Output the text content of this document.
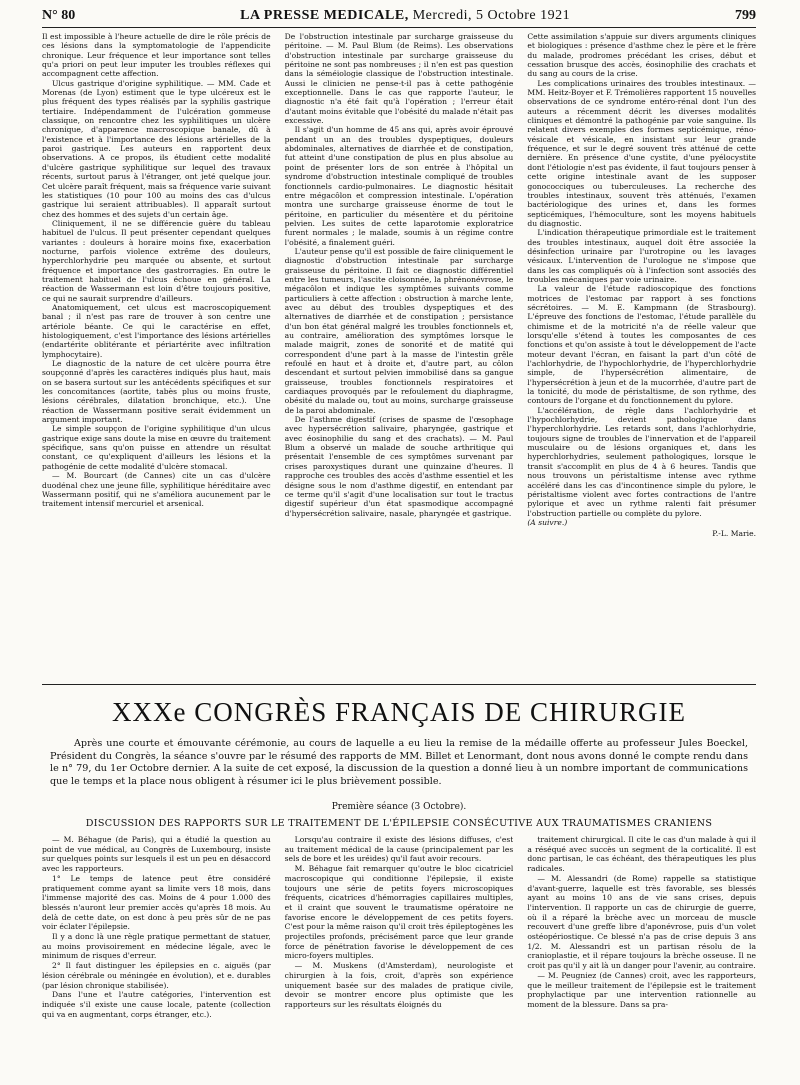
N° 80	LA PRESSE MEDICALE, Mercredi, 5 Octobre 1921	799

Il est impossible à l'heure actuelle de dire le rôle précis de ces lésions dans la symptomatologie de l'appendicite chronique. Leur fréquence et leur importance sont telles qu'a priori on peut leur imputer les troubles réflexes qui accompagnent cette affection.

Ulcus gastrique d'origine syphilitique. — MM. Cade et Morenas (de Lyon) estiment que le type ulcéreux est le plus fréquent des types réalisés par la syphilis gastrique tertiaire. Indépendamment de l'ulcération gommeuse classique, on rencontre chez les syphilitiques un ulcère chronique, d'apparence macroscopique banale, dû à l'existence et à l'importance des lésions artérielles de la paroi gastrique. Les auteurs en rapportent deux observations. A ce propos, ils étudient cette modalité d'ulcère gastrique syphilitique sur lequel des travaux récents, surtout parus à l'étranger, ont jeté quelque jour. Cet ulcère paraît fréquent, mais sa fréquence varie suivant les statistiques (10 pour 100 au moins des cas d'ulcus gastrique lui seraient attribuables). Il apparaît surtout chez des hommes et des sujets d'un certain âge.

Cliniquement, il ne se différencie guère du tableau habituel de l'ulcus. Il peut présenter cependant quelques variantes : douleurs à horaire moins fixe, exacerbation nocturne, parfois violence extrême des douleurs, hyperchlorhydrie peu marquée ou absente, et surtout fréquence et importance des gastrorragies. En outre le traitement habituel de l'ulcus échoue en général. La réaction de Wassermann est loin d'être toujours positive, ce qui ne saurait surprendre d'ailleurs.

Anatomiquement, cet ulcus est macroscopiquement banal ; il n'est pas rare de trouver à son centre une artériole béante. Ce qui le caractérise en effet, histologiquement, c'est l'importance des lésions artérielles (endartérite oblitérante et périartérite avec infiltration lymphocytaire).

Le diagnostic de la nature de cet ulcère pourra être soupçonné d'après les caractères indiqués plus haut, mais on se basera surtout sur les antécédents spécifiques et sur les concomitances (aortite, tabès plus ou moins fruste, lésions cérébrales, dilatation bronchique, etc.). Une réaction de Wassermann positive serait évidemment un argument important.

Le simple soupçon de l'origine syphilitique d'un ulcus gastrique exige sans doute la mise en œuvre du traitement spécifique, sans qu'on puisse en attendre un résultat constant, ce qu'expliquent d'ailleurs les lésions et la pathogénie de cette modalité d'ulcère stomacal.

— M. Bourcart (de Cannes) cite un cas d'ulcère duodénal chez une jeune fille, syphilitique héréditaire avec Wassermann positif, qui ne s'améliora aucunement par le traitement intensif mercuriel et arsenical.

De l'obstruction intestinale par surcharge graisseuse du péritoine. — M. Paul Blum (de Reims). Les observations d'obstruction intestinale par surcharge graisseuse du péritoine ne sont pas nombreuses ; il n'en est pas question dans la séméiologie classique de l'obstruction intestinale. Aussi le clinicien ne pense-t-il pas à cette pathogénie exceptionnelle. Dans le cas que rapporte l'auteur, le diagnostic n'a été fait qu'à l'opération ; l'erreur était d'autant moins évitable que l'obésité du malade n'était pas excessive.

Il s'agit d'un homme de 45 ans qui, après avoir éprouvé pendant un an des troubles dyspeptiques, douleurs abdominales, alternatives de diarrhée et de constipation, fut atteint d'une constipation de plus en plus absolue au point de présenter lors de son entrée à l'hôpital un syndrome d'obstruction intestinale compliqué de troubles fonctionnels cardio-pulmonaires. Le diagnostic hésitait entre mégacôlon et compression intestinale. L'opération montra une surcharge graisseuse énorme de tout le péritoine, en particulier du mésentère et du péritoine pelvien. Les suites de cette laparotomie exploratrice furent normales ; le malade, soumis à un régime contre l'obésité, a finalement guéri.

L'auteur pense qu'il est possible de faire cliniquement le diagnostic d'obstruction intestinale par surcharge graisseuse du péritoine. Il fait ce diagnostic différentiel entre les tumeurs, l'ascite cloisonnée, la phrénonévrose, le mégacôlon et indique les symptômes suivants comme particuliers à cette affection : obstruction à marche lente, avec au début des troubles dyspeptiques et des alternatives de diarrhée et de constipation ; persistance d'un bon état général malgré les troubles fonctionnels et, au contraire, amélioration des symptômes lorsque le malade maigrit, zones de sonorité et de matité qui correspondent d'une part à la masse de l'intestin grêle refoulé en haut et à droite et, d'autre part, au côlon descendant et surtout pelvien immobilisé dans sa gangue graisseuse, troubles fonctionnels respiratoires et cardiaques provoqués par le refoulement du diaphragme, obésité du malade ou, tout au moins, surcharge graisseuse de la paroi abdominale.

De l'asthme digestif (crises de spasme de l'œsophage avec hypersécrétion salivaire, pharyngée, gastrique et avec éosinophilie du sang et des crachats). — M. Paul Blum a observé un malade de souche arthritique qui présentait l'ensemble de ces symptômes survenant par crises paroxystiques durant une quinzaine d'heures. Il rapproche ces troubles des accès d'asthme essentiel et les désigne sous le nom d'asthme digestif, en entendant par ce terme qu'il s'agit d'une localisation sur tout le tractus digestif supérieur d'un état spasmodique accompagné d'hypersécrétion salivaire, nasale, pharyngée et gastrique.

Cette assimilation s'appuie sur divers arguments cliniques et biologiques : présence d'asthme chez le père et le frère du malade, prodromes précédant les crises, début et cessation brusque des accès, éosinophilie des crachats et du sang au cours de la crise.

Les complications urinaires des troubles intestinaux. — MM. Heitz-Boyer et F. Trémolières rapportent 15 nouvelles observations de ce syndrome entéro-rénal dont l'un des auteurs a récemment décrit les diverses modalités cliniques et démontré la pathogénie par voie sanguine. Ils relatent divers exemples des formes septicémique, réno-vésicale et vésicale, en insistant sur leur grande fréquence, et sur le degré souvent très atténué de cette dernière. En présence d'une cystite, d'une pyélocystite dont l'étiologie n'est pas évidente, il faut toujours penser à cette origine intestinale avant de les supposer gonococciques ou tuberculeuses. La recherche des troubles intestinaux, souvent très atténués, l'examen bactériologique des urines et, dans les formes septicémiques, l'hémoculture, sont les moyens habituels du diagnostic.

L'indication thérapeutique primordiale est le traitement des troubles intestinaux, auquel doit être associée la désinfection urinaire par l'urotropine ou les lavages vésicaux. L'intervention de l'urologue ne s'impose que dans les cas compliqués où à l'infection sont associés des troubles mécaniques par voie urinaire.

La valeur de l'étude radioscopique des fonctions motrices de l'estomac par rapport à ses fonctions sécrétoires. — M. E. Kampmann (de Strasbourg). L'épreuve des fonctions de l'estomac, l'étude parallèle du chimisme et de la motricité n'a de réelle valeur que lorsqu'elle s'étend à toutes les composantes de ces fonctions et qu'on assiste à tout le développement de l'acte moteur devant l'écran, en faisant la part d'un côté de l'achlorhydrie, de l'hypochlorhydrie, de l'hyperchlorhydrie simple, de l'hypersécrétion alimentaire, de l'hypersécrétion à jeun et de la mucorrhée, d'autre part de la tonicité, du mode de péristaltisme, de son rythme, des contours de l'organe et du fonctionnement du pylore.

L'accélération, de règle dans l'achlorhydrie et l'hypochlorhydrie, devient pathologique dans l'hyperchlorhydrie. Les retards sont, dans l'achlorhydrie, toujours signe de troubles de l'innervation et de l'appareil musculaire ou de lésions organiques et, dans les hyperchlorhydries, seulement pathologiques, lorsque le transit s'accomplit en plus de 4 à 6 heures. Tandis que nous trouvons un péristaltisme intense avec rythme accéléré dans les cas d'incontinence simple du pylore, le péristaltisme violent avec fortes contractions de l'antre pylorique et avec un rythme ralenti fait présumer l'obstruction partielle ou complète du pylore.

(A suivre.)

P.-L. Marie.

XXXe CONGRÈS FRANÇAIS DE CHIRURGIE

Après une courte et émouvante cérémonie, au cours de laquelle a eu lieu la remise de la médaille offerte au professeur Jules Boeckel, Président du Congrès, la séance s'ouvre par le résumé des rapports de MM. Billet et Lenormant, dont nous avons donné le compte rendu dans le n° 79, du 1er Octobre dernier. A la suite de cet exposé, la discussion de la question a donné lieu à un nombre important de communications que le temps et la place nous obligent à résumer ici le plus brièvement possible.

Première séance (3 Octobre).
DISCUSSION DES RAPPORTS SUR LE TRAITEMENT DE L'ÉPILEPSIE CONSÉCUTIVE AUX TRAUMATISMES CRANIENS

— M. Béhague (de Paris), qui a étudié la question au point de vue médical, au Congrès de Luxembourg, insiste sur quelques points sur lesquels il est un peu en désaccord avec les rapporteurs.

1° Le temps de latence peut être considéré pratiquement comme ayant sa limite vers 18 mois, dans l'immense majorité des cas. Moins de 4 pour 1.000 des blessés n'auront leur premier accès qu'après 18 mois. Au delà de cette date, on est donc à peu près sûr de ne pas voir éclater l'épilepsie.

Il y a donc là une règle pratique permettant de statuer, au moins provisoirement en médecine légale, avec le minimum de risques d'erreur.

2° Il faut distinguer les épilepsies en c. aiguës (par lésion cérébrale ou méningée en évolution), et e. durables (par lésion chronique stabilisée).

Dans l'une et l'autre catégories, l'intervention est indiquée s'il existe une cause locale, patente (collection qui va en augmentant, corps étranger, etc.).

Lorsqu'au contraire il existe des lésions diffuses, c'est au traitement médical de la cause (principalement par les sels de bore et les uréides) qu'il faut avoir recours.

M. Béhague fait remarquer qu'outre le bloc cicatriciel macroscopique qui conditionne l'épilepsie, il existe toujours une série de petits foyers microscopiques fréquents, cicatrices d'hémorragies capillaires multiples, et il craint que souvent le traumatisme opératoire ne favorise encore le développement de ces petits foyers. C'est pour la même raison qu'il croit très épileptogènes les projectiles profonds, précisément parce que leur grande force de pénétration favorise le développement de ces micro-foyers multiples.

— M. Muskens (d'Amsterdam), neurologiste et chirurgien à la fois, croit, d'après son expérience uniquement basée sur des malades de pratique civile, devoir se montrer encore plus optimiste que les rapporteurs sur les résultats éloignés du

traitement chirurgical. Il cite le cas d'un malade à qui il a réséqué avec succès un segment de la corticalité. Il est donc partisan, le cas échéant, des thérapeutiques les plus radicales.

— M. Alessandri (de Rome) rappelle sa statistique d'avant-guerre, laquelle est très favorable, ses blessés ayant au moins 10 ans de vie sans crises, depuis l'intervention. Il rapporte un cas de chirurgie de guerre, où il a réparé la brèche avec un morceau de muscle recouvert d'une greffe libre d'aponévrose, puis d'un volet ostéopériostique. Ce blessé n'a pas de crise depuis 3 ans 1/2. M. Alessandri est un partisan résolu de la cranioplastie, et il répare toujours la brèche osseuse. Il ne croit pas qu'il y ait là un danger pour l'avenir, au contraire.

— M. Peugniez (de Cannes) croit, avec les rapporteurs, que le meilleur traitement de l'épilepsie est le traitement prophylactique par une intervention rationnelle au moment de la blessure. Dans sa pra-
